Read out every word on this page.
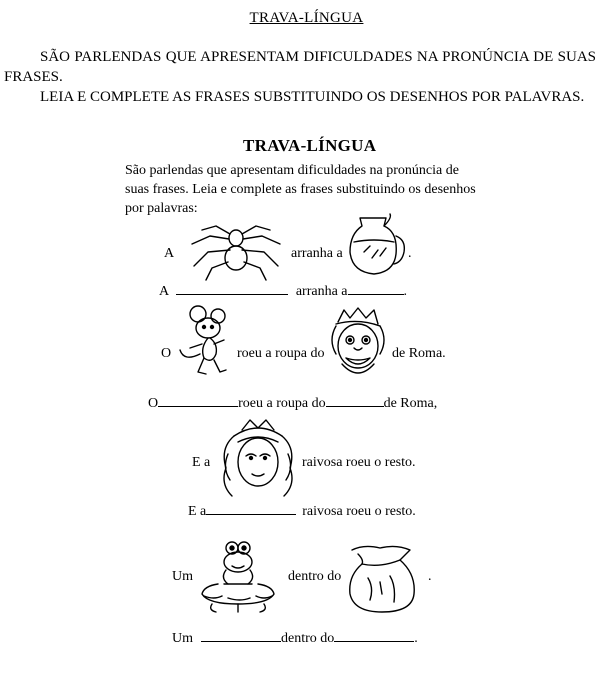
TRAVA-LÍNGUA

SÃO PARLENDAS QUE APRESENTAM DIFICULDADES NA PRONÚNCIA DE SUAS FRASES.

LEIA E COMPLETE AS FRASES SUBSTITUINDO OS DESENHOS POR PALAVRAS.

TRAVA-LÍNGUA
São parlendas que apresentam dificuldades na pronúncia de suas frases. Leia e complete as frases substituindo os desenhos por palavras:
A	arranha a	.
A	arranha a	.
O	roeu a roupa do	de Roma.
O	roeu a roupa do	de Roma,
E a	raivosa roeu o resto.
E a	raivosa roeu o resto.
Um	dentro do	.
Um	dentro do	.
